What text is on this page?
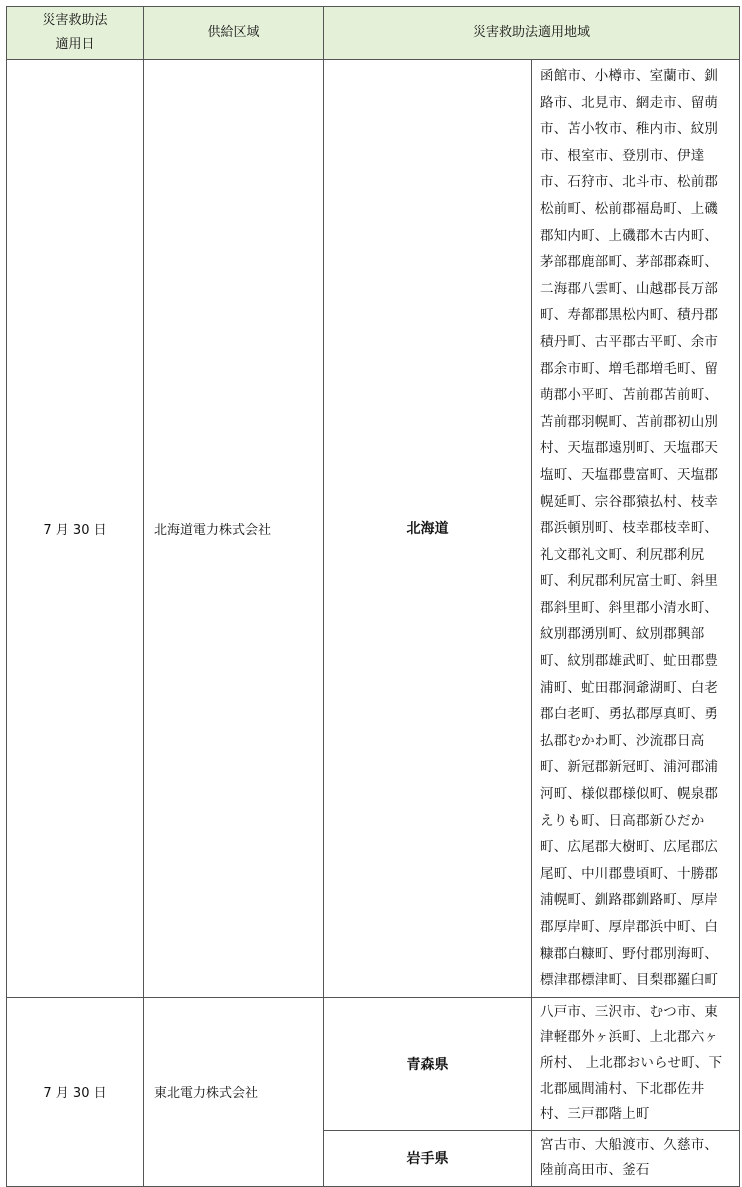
災害救助法
適用日	供給区域	災害救助法適用地域	
7 月 30 日	北海道電力株式会社	北海道	函館市、小樽市、室蘭市、釧路市、北見市、網走市、留萌市、苫小牧市、稚内市、紋別市、根室市、登別市、伊達市、石狩市、北斗市、松前郡松前町、松前郡福島町、上磯郡知内町、上磯郡木古内町、茅部郡鹿部町、茅部郡森町、二海郡八雲町、山越郡長万部町、寿都郡黒松内町、積丹郡積丹町、古平郡古平町、余市郡余市町、増毛郡増毛町、留萌郡小平町、苫前郡苫前町、苫前郡羽幌町、苫前郡初山別村、天塩郡遠別町、天塩郡天塩町、天塩郡豊富町、天塩郡幌延町、宗谷郡猿払村、枝幸郡浜頓別町、枝幸郡枝幸町、礼文郡礼文町、利尻郡利尻町、利尻郡利尻富士町、斜里郡斜里町、斜里郡小清水町、紋別郡湧別町、紋別郡興部町、紋別郡雄武町、虻田郡豊浦町、虻田郡洞爺湖町、白老郡白老町、勇払郡厚真町、勇払郡むかわ町、沙流郡日高町、新冠郡新冠町、浦河郡浦河町、様似郡様似町、幌泉郡えりも町、日高郡新ひだか町、広尾郡大樹町、広尾郡広尾町、中川郡豊頃町、十勝郡浦幌町、釧路郡釧路町、厚岸郡厚岸町、厚岸郡浜中町、白糠郡白糠町、野付郡別海町、標津郡標津町、目梨郡羅臼町
7 月 30 日	東北電力株式会社	青森県	八戸市、三沢市、むつ市、東津軽郡外ヶ浜町、上北郡六ヶ所村、 上北郡おいらせ町、下北郡風間浦村、下北郡佐井村、三戸郡階上町
		岩手県	宮古市、大船渡市、久慈市、陸前高田市、釜石
